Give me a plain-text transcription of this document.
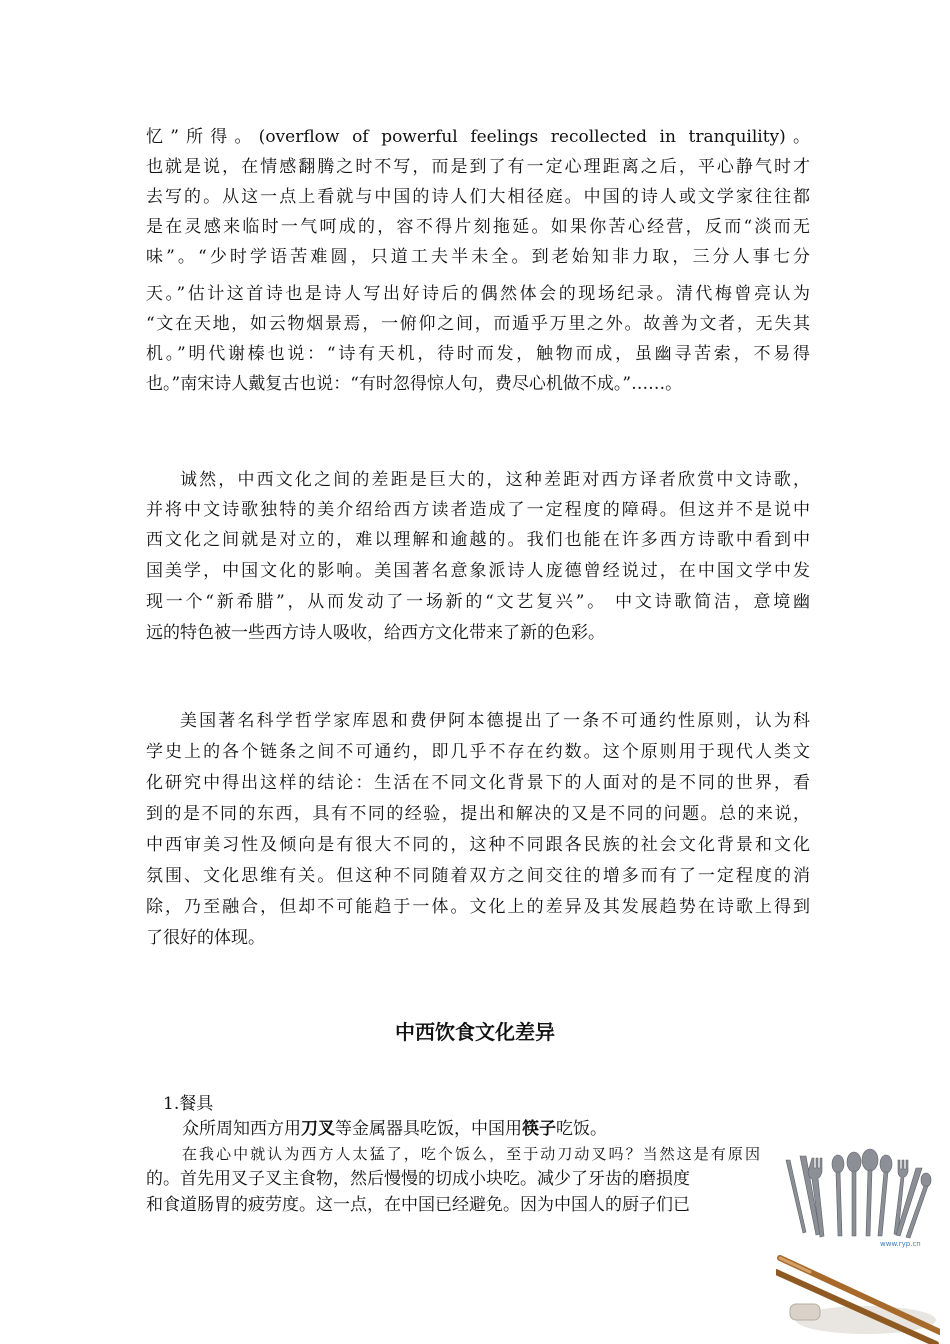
忆”所得。(overflow of powerful feelings recollected in tranquility)。
也就是说，在情感翻腾之时不写，而是到了有一定心理距离之后，平心静气时才
去写的。从这一点上看就与中国的诗人们大相径庭。中国的诗人或文学家往往都
是在灵感来临时一气呵成的，容不得片刻拖延。如果你苦心经营，反而“淡而无
味”。“少时学语苦难圆，只道工夫半未全。到老始知非力取，三分人事七分
天。”估计这首诗也是诗人写出好诗后的偶然体会的现场纪录。清代梅曾亮认为
“文在天地，如云物烟景焉，一俯仰之间，而遁乎万里之外。故善为文者，无失其
机。”明代谢榛也说：“诗有天机，待时而发，触物而成，虽幽寻苦索，不易得
也。”南宋诗人戴复古也说：“有时忽得惊人句，费尽心机做不成。”……。
诚然，中西文化之间的差距是巨大的，这种差距对西方译者欣赏中文诗歌，
并将中文诗歌独特的美介绍给西方读者造成了一定程度的障碍。但这并不是说中
西文化之间就是对立的，难以理解和逾越的。我们也能在许多西方诗歌中看到中
国美学，中国文化的影响。美国著名意象派诗人庞德曾经说过，在中国文学中发
现一个“新希腊”，从而发动了一场新的“文艺复兴”。 中文诗歌简洁，意境幽
远的特色被一些西方诗人吸收，给西方文化带来了新的色彩。
美国著名科学哲学家库恩和费伊阿本德提出了一条不可通约性原则，认为科
学史上的各个链条之间不可通约，即几乎不存在约数。这个原则用于现代人类文
化研究中得出这样的结论：生活在不同文化背景下的人面对的是不同的世界，看
到的是不同的东西，具有不同的经验，提出和解决的又是不同的问题。总的来说，
中西审美习性及倾向是有很大不同的，这种不同跟各民族的社会文化背景和文化
氛围、文化思维有关。但这种不同随着双方之间交往的增多而有了一定程度的消
除，乃至融合，但却不可能趋于一体。文化上的差异及其发展趋势在诗歌上得到
了很好的体现。
中西饮食文化差异
1.餐具
众所周知西方用刀叉等金属器具吃饭，中国用筷子吃饭。
在我心中就认为西方人太猛了，吃个饭么，至于动刀动叉吗？当然这是有原因
的。首先用叉子叉主食物，然后慢慢的切成小块吃。减少了牙齿的磨损度
和食道肠胃的疲劳度。这一点，在中国已经避免。因为中国人的厨子们已
www.ryp.cn
